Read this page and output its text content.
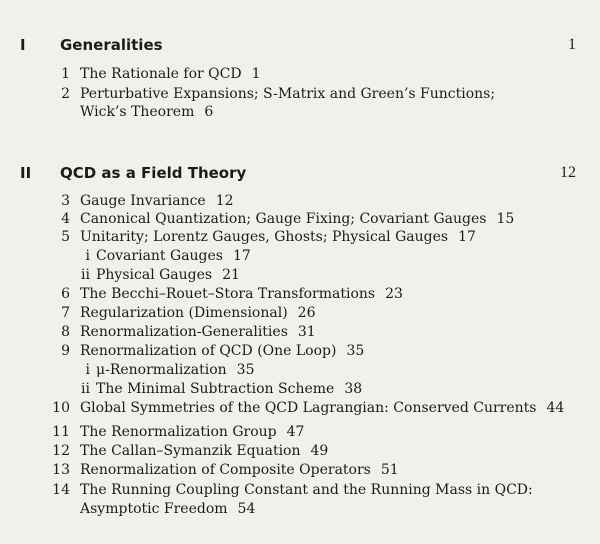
I Generalities	1
1 The Rationale for QCD 1
2 Perturbative Expansions; S-Matrix and Green’s Functions;
Wick’s Theorem 6
II QCD as a Field Theory	12
3 Gauge Invariance 12
4 Canonical Quantization; Gauge Fixing; Covariant Gauges 15
5 Unitarity; Lorentz Gauges, Ghosts; Physical Gauges 17
i Covariant Gauges 17
ii Physical Gauges 21
6 The Becchi–Rouet–Stora Transformations 23
7 Regularization (Dimensional) 26
8 Renormalization-Generalities 31
9 Renormalization of QCD (One Loop) 35
i μ-Renormalization 35
ii The Minimal Subtraction Scheme 38
10 Global Symmetries of the QCD Lagrangian: Conserved Currents 44
11 The Renormalization Group 47
12 The Callan–Symanzik Equation 49
13 Renormalization of Composite Operators 51
14 The Running Coupling Constant and the Running Mass in QCD:
Asymptotic Freedom 54
